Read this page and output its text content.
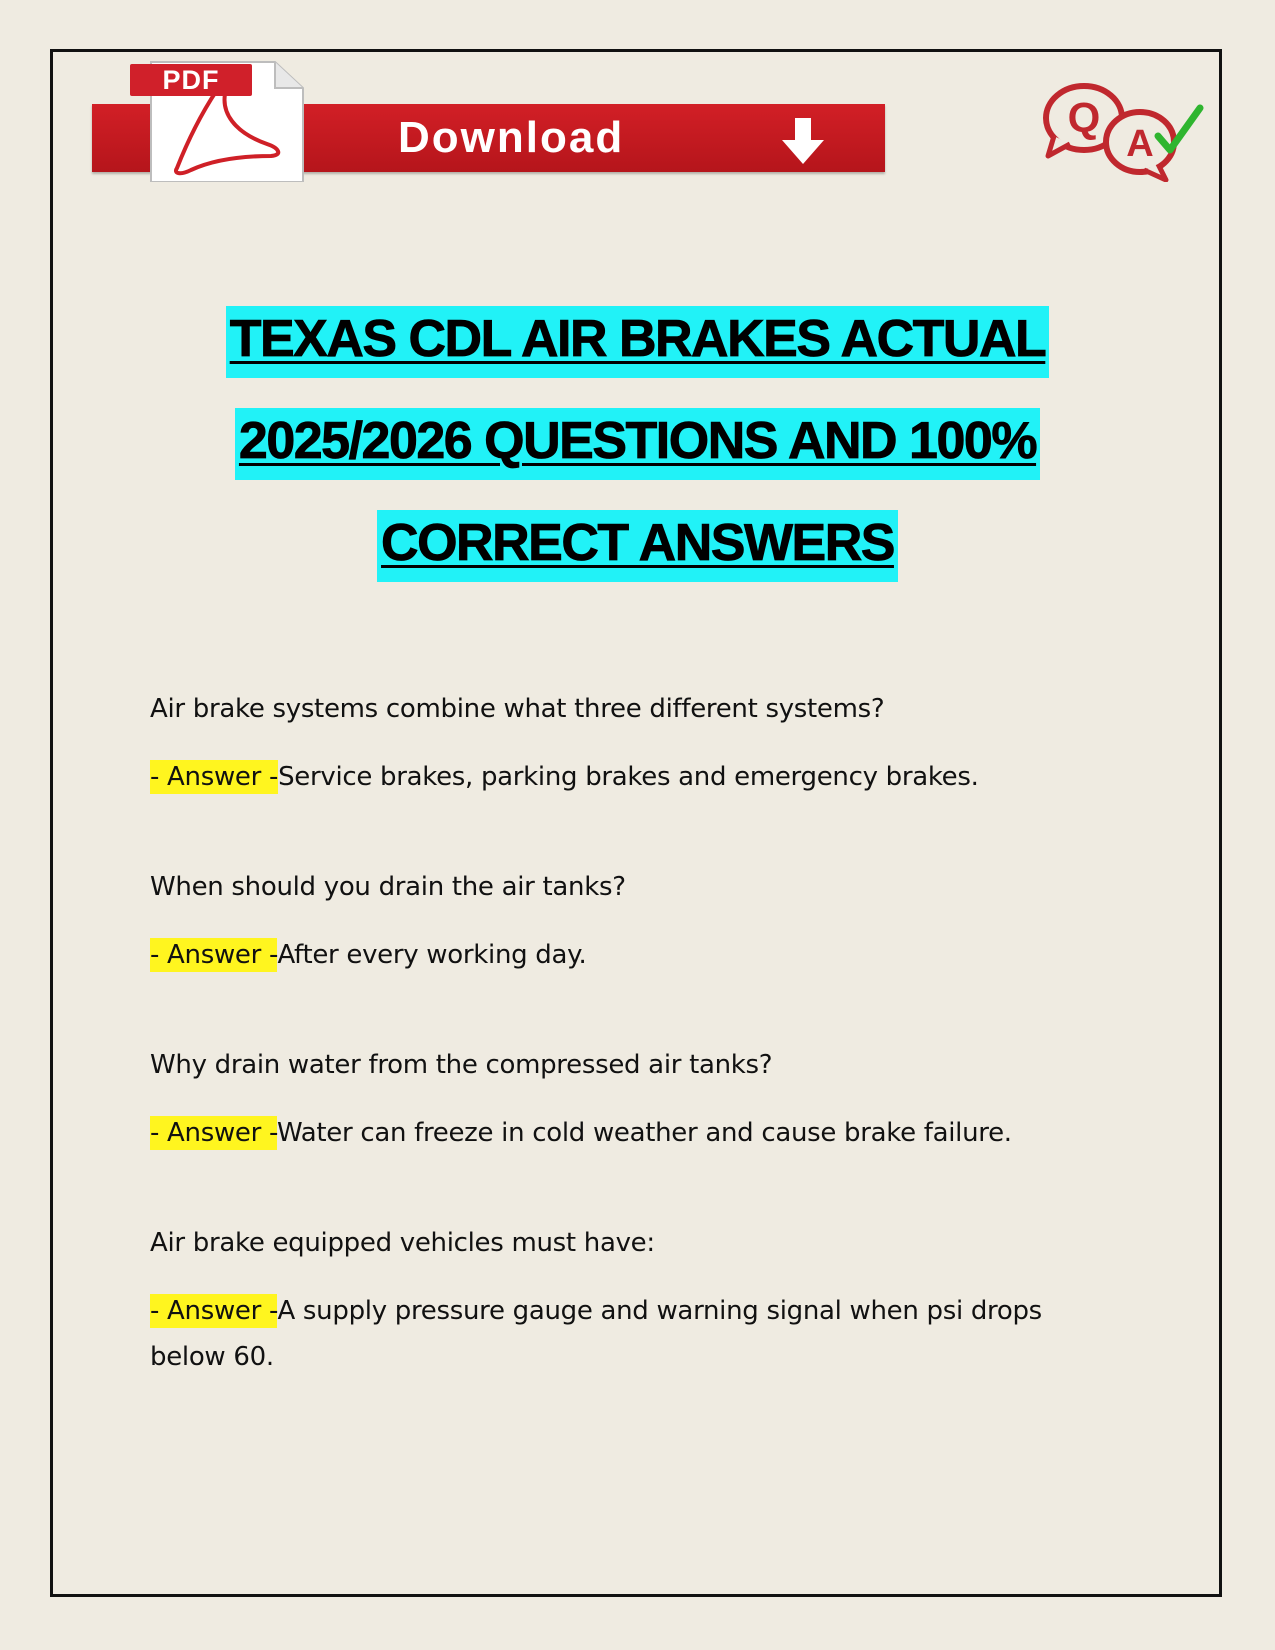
PDF
Download	Q
A
TEXAS CDL AIR BRAKES ACTUAL
2025/2026 QUESTIONS AND 100%
CORRECT ANSWERS

Air brake systems combine what three different systems?

- Answer -Service brakes, parking brakes and emergency brakes.

When should you drain the air tanks?

- Answer -After every working day.

Why drain water from the compressed air tanks?

- Answer -Water can freeze in cold weather and cause brake failure.

Air brake equipped vehicles must have:

- Answer -A supply pressure gauge and warning signal when psi drops below 60.
